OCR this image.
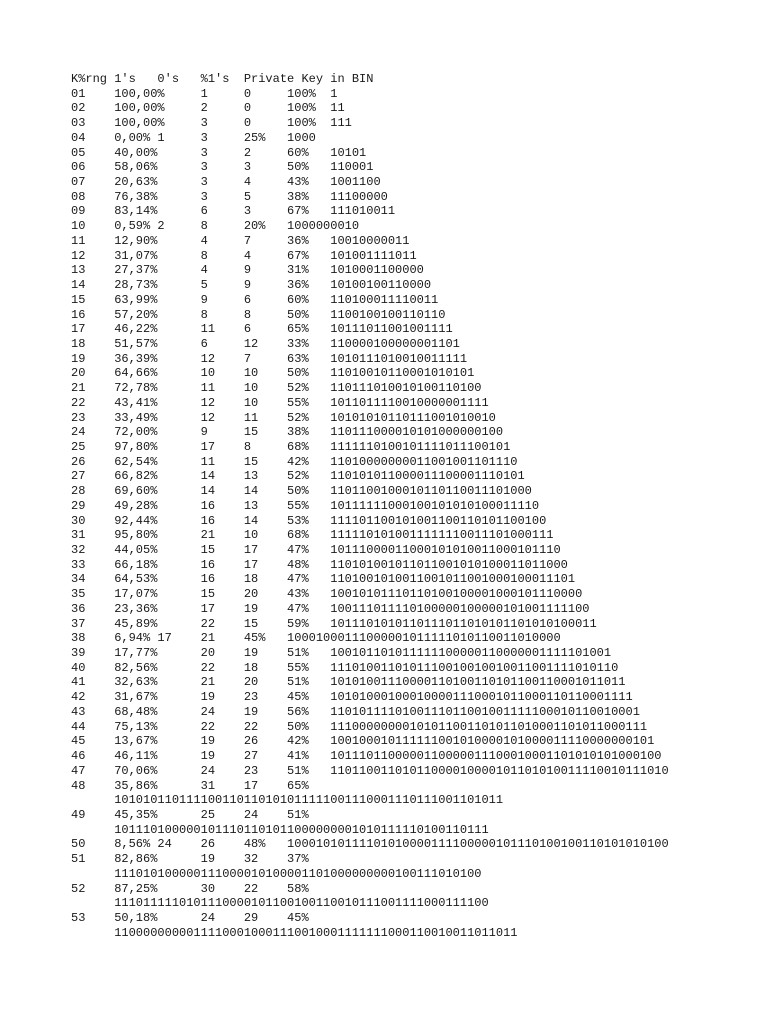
K%rng 1's   0's   %1's  Private Key in BIN
01    100,00%     1     0     100%  1
02    100,00%     2     0     100%  11
03    100,00%     3     0     100%  111
04    0,00% 1     3     25%   1000
05    40,00%      3     2     60%   10101
06    58,06%      3     3     50%   110001
07    20,63%      3     4     43%   1001100
08    76,38%      3     5     38%   11100000
09    83,14%      6     3     67%   111010011
10    0,59% 2     8     20%   1000000010
11    12,90%      4     7     36%   10010000011
12    31,07%      8     4     67%   101001111011
13    27,37%      4     9     31%   1010001100000
14    28,73%      5     9     36%   10100100110000
15    63,99%      9     6     60%   110100011110011
16    57,20%      8     8     50%   1100100100110110
17    46,22%      11    6     65%   10111011001001111
18    51,57%      6     12    33%   110000100000001101
19    36,39%      12    7     63%   1010111010010011111
20    64,66%      10    10    50%   11010010110001010101
21    72,78%      11    10    52%   110111010010100110100
22    43,41%      12    10    55%   1011011110010000001111
23    33,49%      12    11    52%   10101010110111001010010
24    72,00%      9     15    38%   110111000010101000000100
25    97,80%      17    8     68%   1111110100101111011100101
26    62,54%      11    15    42%   11010000000011001001101110
27    66,82%      14    13    52%   110101011000011100001110101
28    69,60%      14    14    50%   1101100100010110110011101000
29    49,28%      16    13    55%   10111111000100101010100011110
30    92,44%      16    14    53%   111101100101001100110101100100
31    95,80%      21    10    68%   1111101010011111110011101000111
32    44,05%      15    17    47%   10111000011000101010011000101110
33    66,18%      16    17    48%   110101001011011001010100011011000
34    64,53%      16    18    47%   1101001010011001011001000100011101
35    17,07%      15    20    43%   10010101110110100100001000101110000
36    23,36%      17    19    47%   100111011110100000100000101001111100
37    45,89%      22    15    59%   1011101010110111011010101101010100011
38    6,94% 17    21    45%   10001000111000001011111010110011010000
39    17,77%      20    19    51%   100101101011111100000110000001111101001
40    82,56%      22    18    55%   1110100110101110010010010011001111010110
41    32,63%      21    20    51%   10101001110000110100110101100110001011011
42    31,67%      19    23    45%   101010001000100001110001011000110110001111
43    68,48%      24    19    56%   1101011110100111011001001111100010110010001
44    75,13%      22    22    50%   11100000000101011001101011010001101011000111
45    13,67%      19    26    42%   100100010111111001010000101000011110000000101
46    46,11%      19    27    41%   1011101100000110000011100010001101010101000100
47    70,06%      24    23    51%   11011001101011000010000101101010011110010111010
48    35,86%      31    17    65%
101010110111100110110101011111001110001110111001101011
49    45,35%      25    24    51%
1011101000001011101101011000000001010111110100110111
50    8,56% 24    26    48%   10001010111101010000111100000101110100100110101010100
51    82,86%      19    32    37%
111010100000111000010100001101000000000100111010100
52    87,25%      30    22    58%
1110111110101110000101100100110010111001111000111100
53    50,18%      24    29    45%
11000000000111100010001110010001111111000110010011011011
